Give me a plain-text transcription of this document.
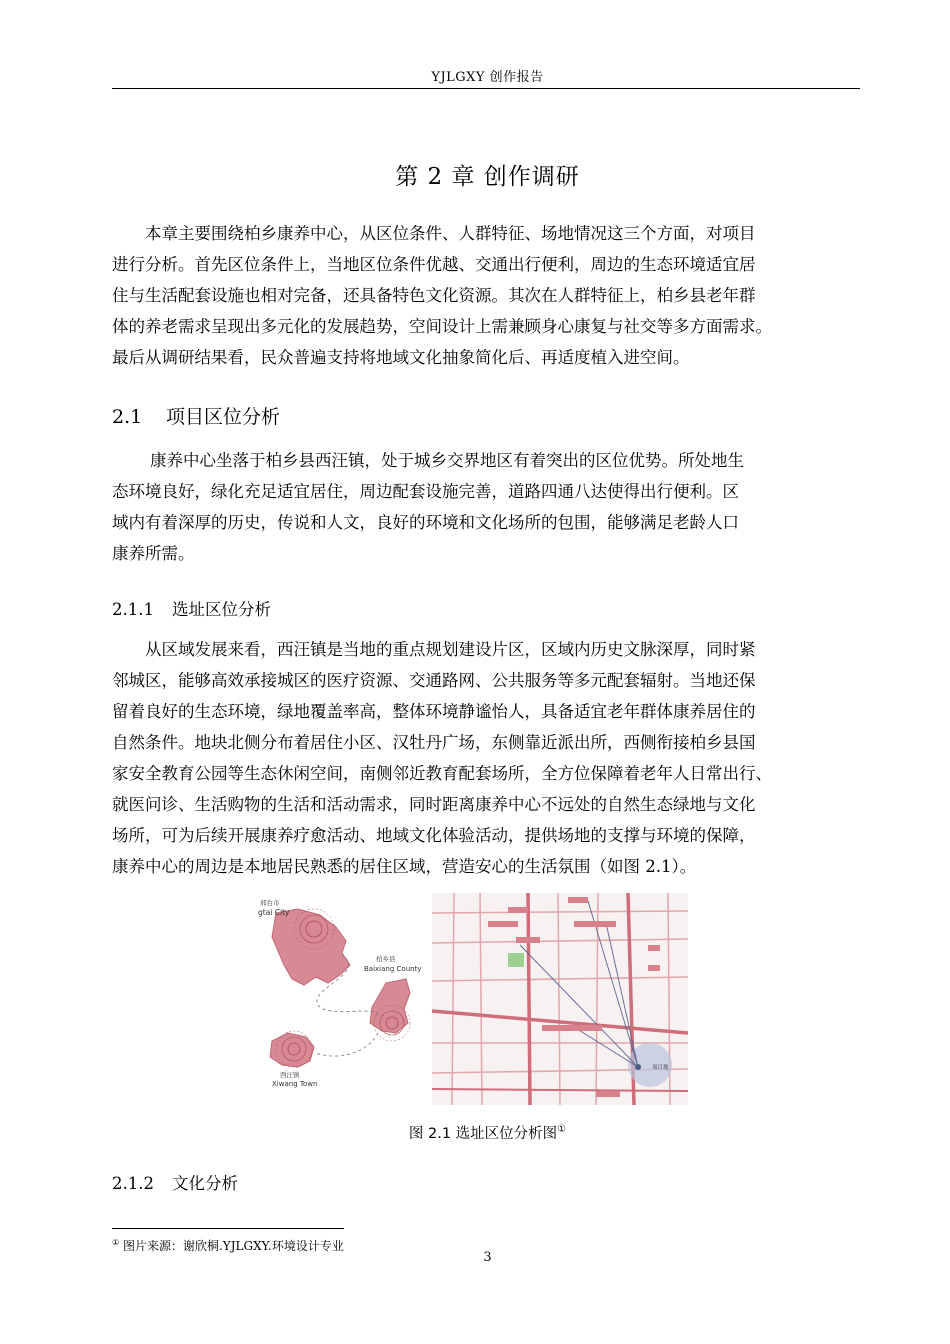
YJLGXY 创作报告
第 2 章 创作调研

本章主要围绕柏乡康养中心，从区位条件、人群特征、场地情况这三个方面，对项目

进行分析。首先区位条件上，当地区位条件优越、交通出行便利，周边的生态环境适宜居

住与生活配套设施也相对完备，还具备特色文化资源。其次在人群特征上，柏乡县老年群

体的养老需求呈现出多元化的发展趋势，空间设计上需兼顾身心康复与社交等多方面需求。

最后从调研结果看，民众普遍支持将地域文化抽象简化后、再适度植入进空间。

2.1 项目区位分析

康养中心坐落于柏乡县西汪镇，处于城乡交界地区有着突出的区位优势。所处地生

态环境良好，绿化充足适宜居住，周边配套设施完善，道路四通八达使得出行便利。区

域内有着深厚的历史，传说和人文，良好的环境和文化场所的包围，能够满足老龄人口

康养所需。

2.1.1 选址区位分析

从区域发展来看，西汪镇是当地的重点规划建设片区，区域内历史文脉深厚，同时紧

邻城区，能够高效承接城区的医疗资源、交通路网、公共服务等多元配套辐射。当地还保

留着良好的生态环境，绿地覆盖率高，整体环境静谧怡人，具备适宜老年群体康养居住的

自然条件。地块北侧分布着居住小区、汉牡丹广场，东侧靠近派出所，西侧衔接柏乡县国

家安全教育公园等生态休闲空间，南侧邻近教育配套场所，全方位保障着老年人日常出行、

就医问诊、生活购物的生活和活动需求，同时距离康养中心不远处的自然生态绿地与文化

场所，可为后续开展康养疗愈活动、地域文化体验活动，提供场地的支撑与环境的保障，

康养中心的周边是本地居民熟悉的居住区域，营造安心的生活氛围（如图 2.1）。

邢台市
gtai City
柏乡县
Baixiang County
西汪镇
Xiwang Town
项目地
图 2.1 选址区位分析图①
2.1.2 文化分析
① 图片来源：谢欣桐.YJLGXY.环境设计专业
3
